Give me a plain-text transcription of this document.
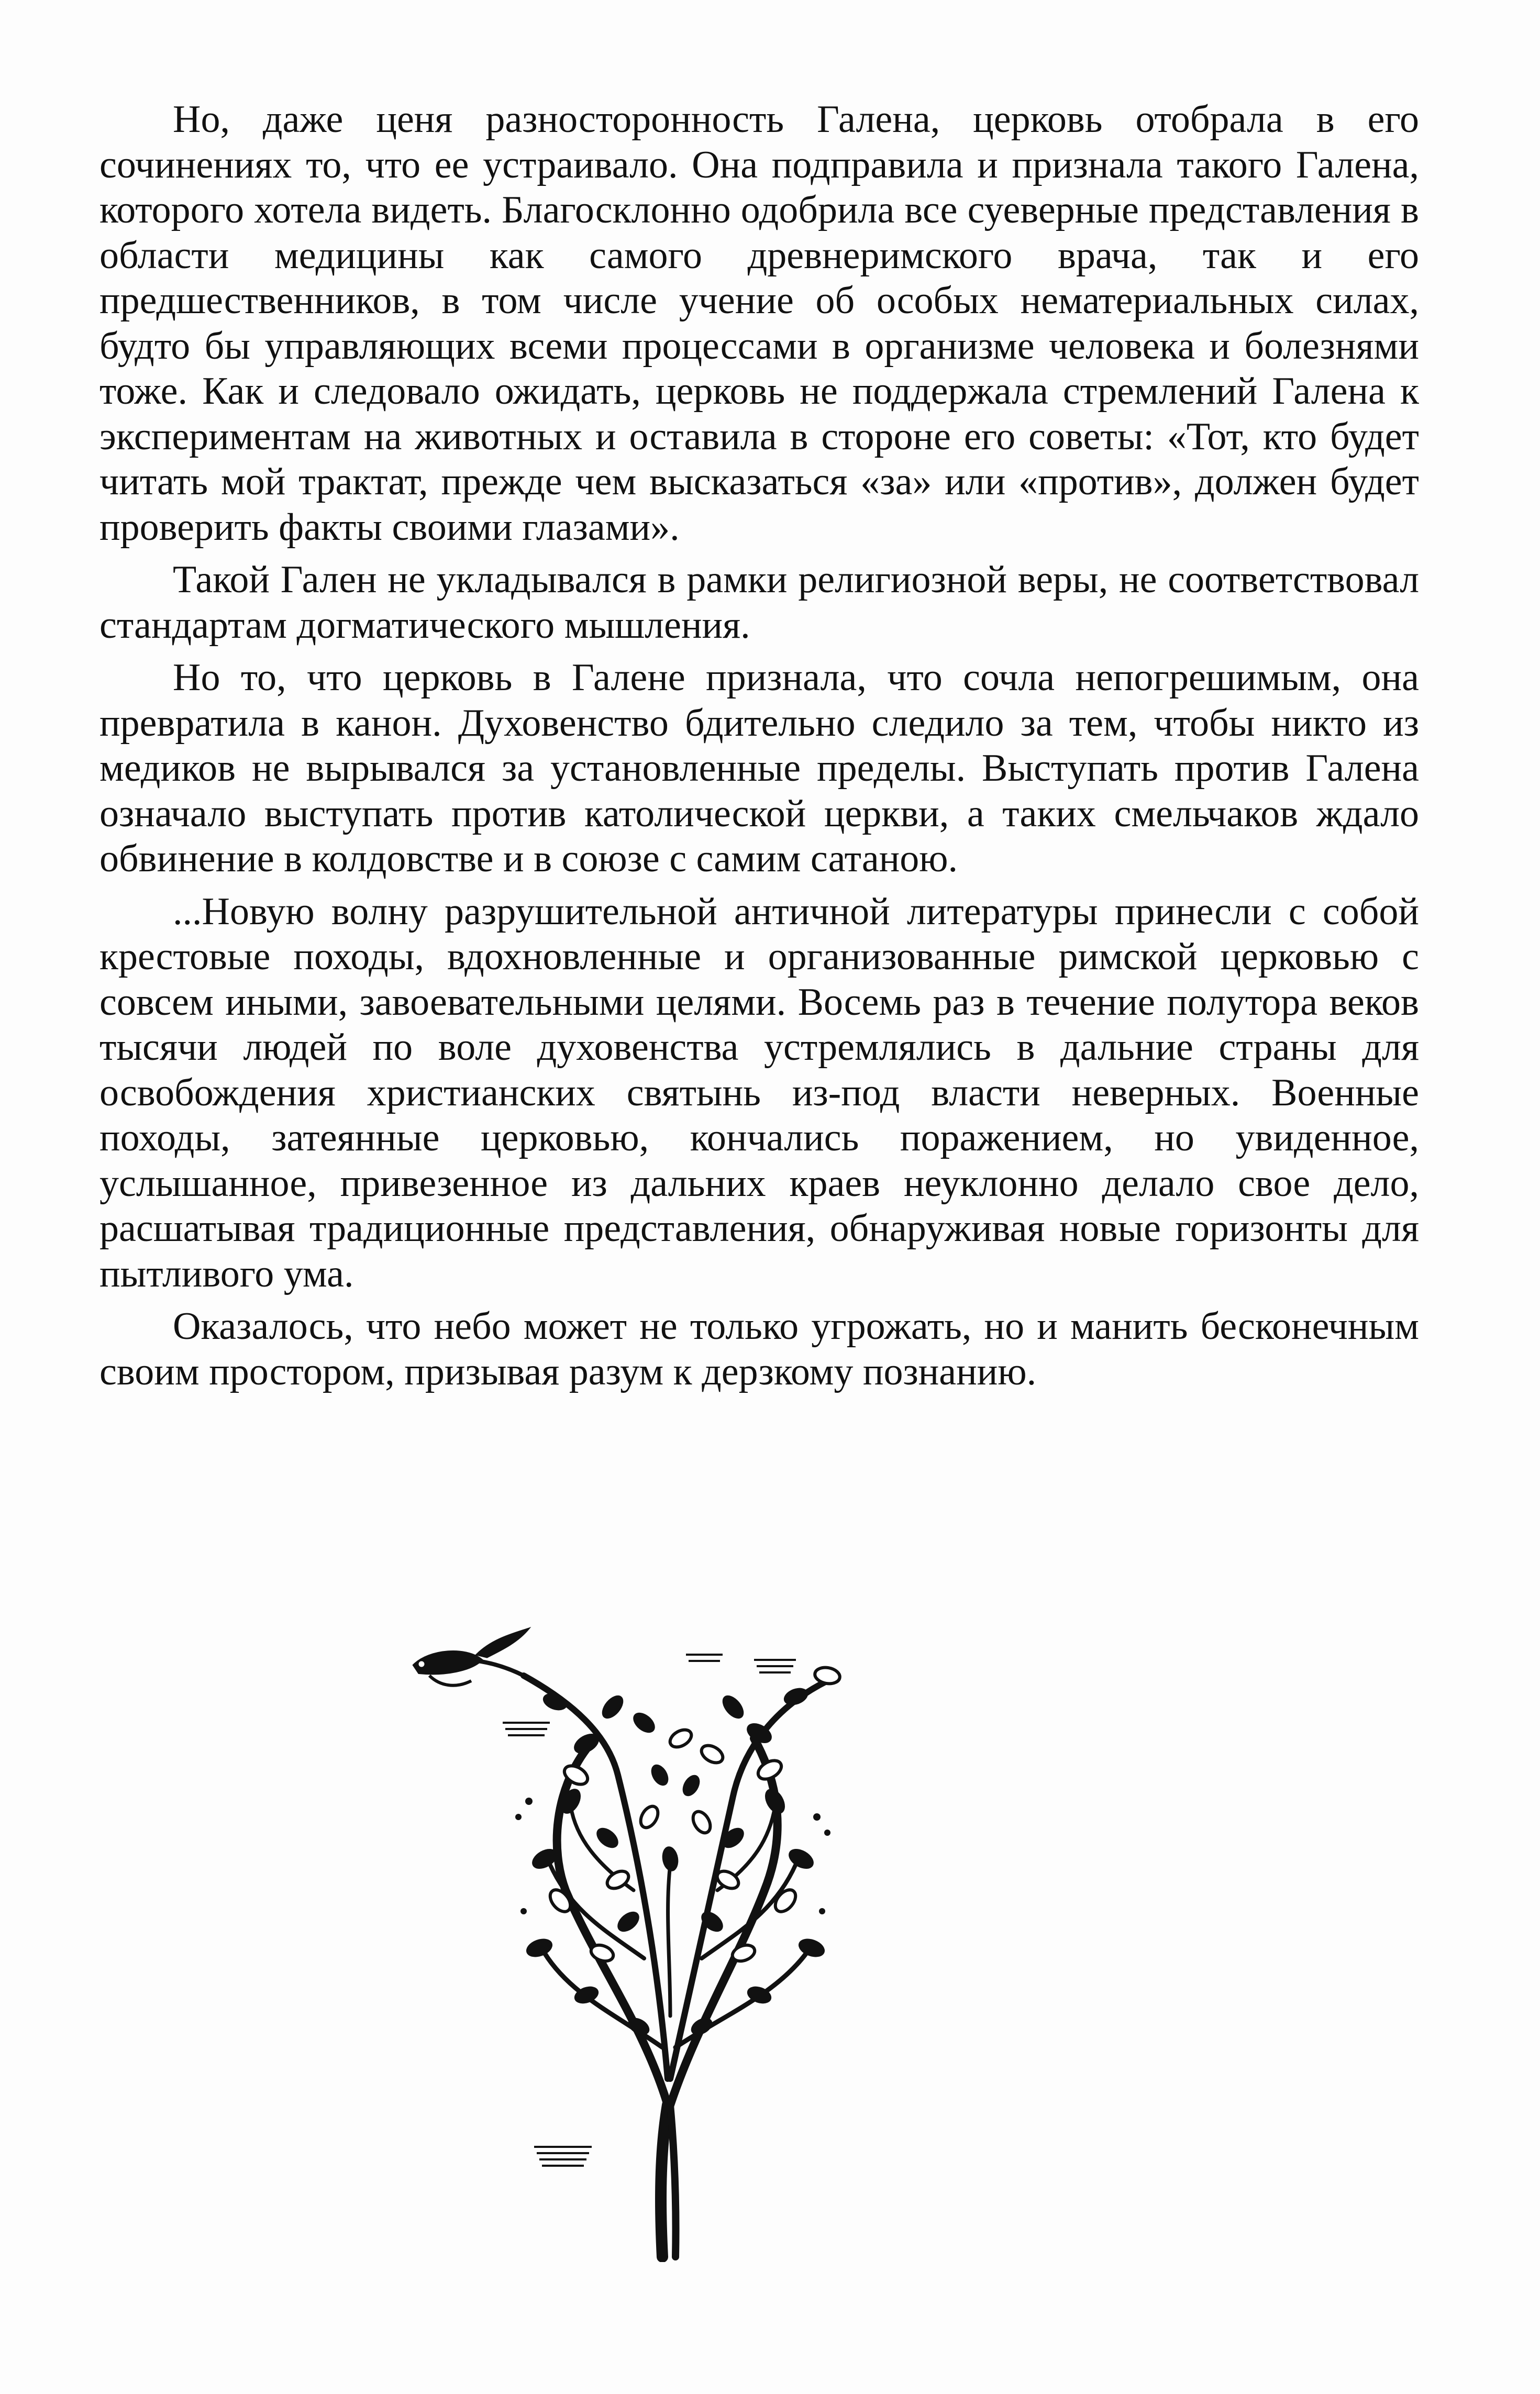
Но, даже ценя разносторонность Галена, церковь отобрала в его сочинениях то, что ее устраивало. Она подправила и признала такого Галена, которого хотела видеть. Благосклонно одобрила все суеверные представления в области медицины как самого древнеримского врача, так и его предшественников, в том числе учение об особых нематериальных силах, будто бы управляющих всеми процессами в организме человека и болезнями тоже. Как и следовало ожидать, церковь не поддержала стремлений Галена к экспериментам на животных и оставила в стороне его советы: «Тот, кто будет читать мой трактат, прежде чем высказаться «за» или «против», должен будет проверить факты своими глазами».

Такой Гален не укладывался в рамки религиозной веры, не соответствовал стандартам догматического мышления.

Но то, что церковь в Галене признала, что сочла непогрешимым, она превратила в канон. Духовенство бдительно следило за тем, чтобы никто из медиков не вырывался за установленные пределы. Выступать против Галена означало выступать против католической церкви, а таких смельчаков ждало обвинение в колдовстве и в союзе с самим сатаною.

...Новую волну разрушительной античной литературы принесли с собой крестовые походы, вдохновленные и организованные римской церковью с совсем иными, завоевательными целями. Восемь раз в течение полутора веков тысячи людей по воле духовенства устремлялись в дальние страны для освобождения христианских святынь из-под власти неверных. Военные походы, затеянные церковью, кончались поражением, но увиденное, услышанное, привезенное из дальних краев неуклонно делало свое дело, расшатывая традиционные представления, обнаруживая новые горизонты для пытливого ума.

Оказалось, что небо может не только угрожать, но и манить бесконечным своим простором, призывая разум к дерзкому познанию.
